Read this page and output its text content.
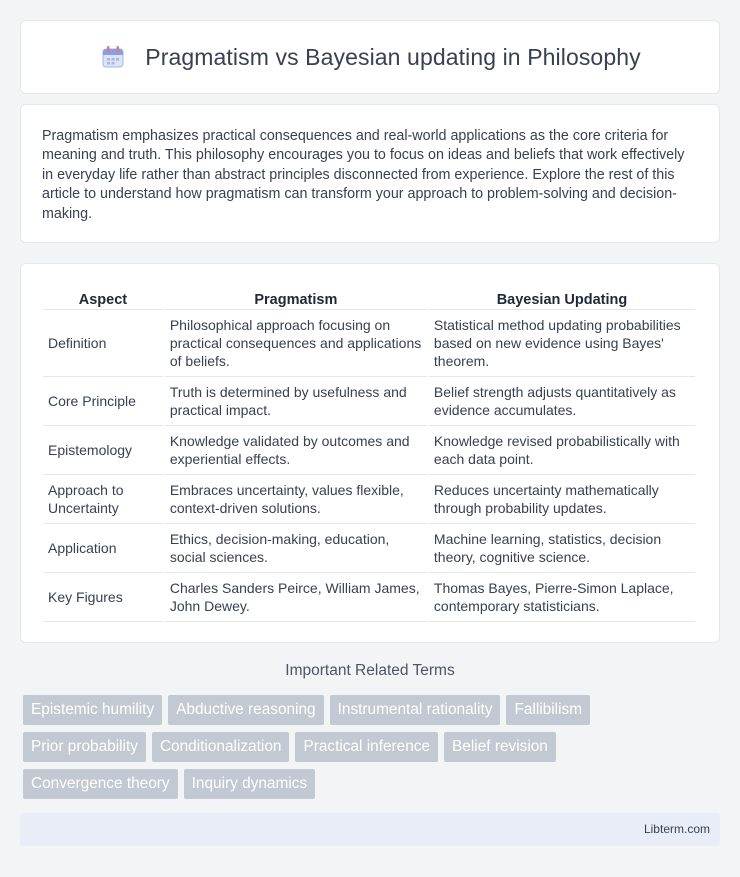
Pragmatism vs Bayesian updating in Philosophy

Pragmatism emphasizes practical consequences and real-world applications as the core criteria for meaning and truth. This philosophy encourages you to focus on ideas and beliefs that work effectively in everyday life rather than abstract principles disconnected from experience. Explore the rest of this article to understand how pragmatism can transform your approach to problem-solving and decision-making.

Aspect	Pragmatism	Bayesian Updating
Definition	Philosophical approach focusing on practical consequences and applications of beliefs.	Statistical method updating probabilities based on new evidence using Bayes' theorem.
Core Principle	Truth is determined by usefulness and practical impact.	Belief strength adjusts quantitatively as evidence accumulates.
Epistemology	Knowledge validated by outcomes and experiential effects.	Knowledge revised probabilistically with each data point.
Approach to Uncertainty	Embraces uncertainty, values flexible, context-driven solutions.	Reduces uncertainty mathematically through probability updates.
Application	Ethics, decision-making, education, social sciences.	Machine learning, statistics, decision theory, cognitive science.
Key Figures	Charles Sanders Peirce, William James, John Dewey.	Thomas Bayes, Pierre-Simon Laplace, contemporary statisticians.
Important Related Terms
Epistemic humility	Abductive reasoning	Instrumental rationality	Fallibilism
Prior probability	Conditionalization	Practical inference	Belief revision
Convergence theory	Inquiry dynamics
Libterm.com
